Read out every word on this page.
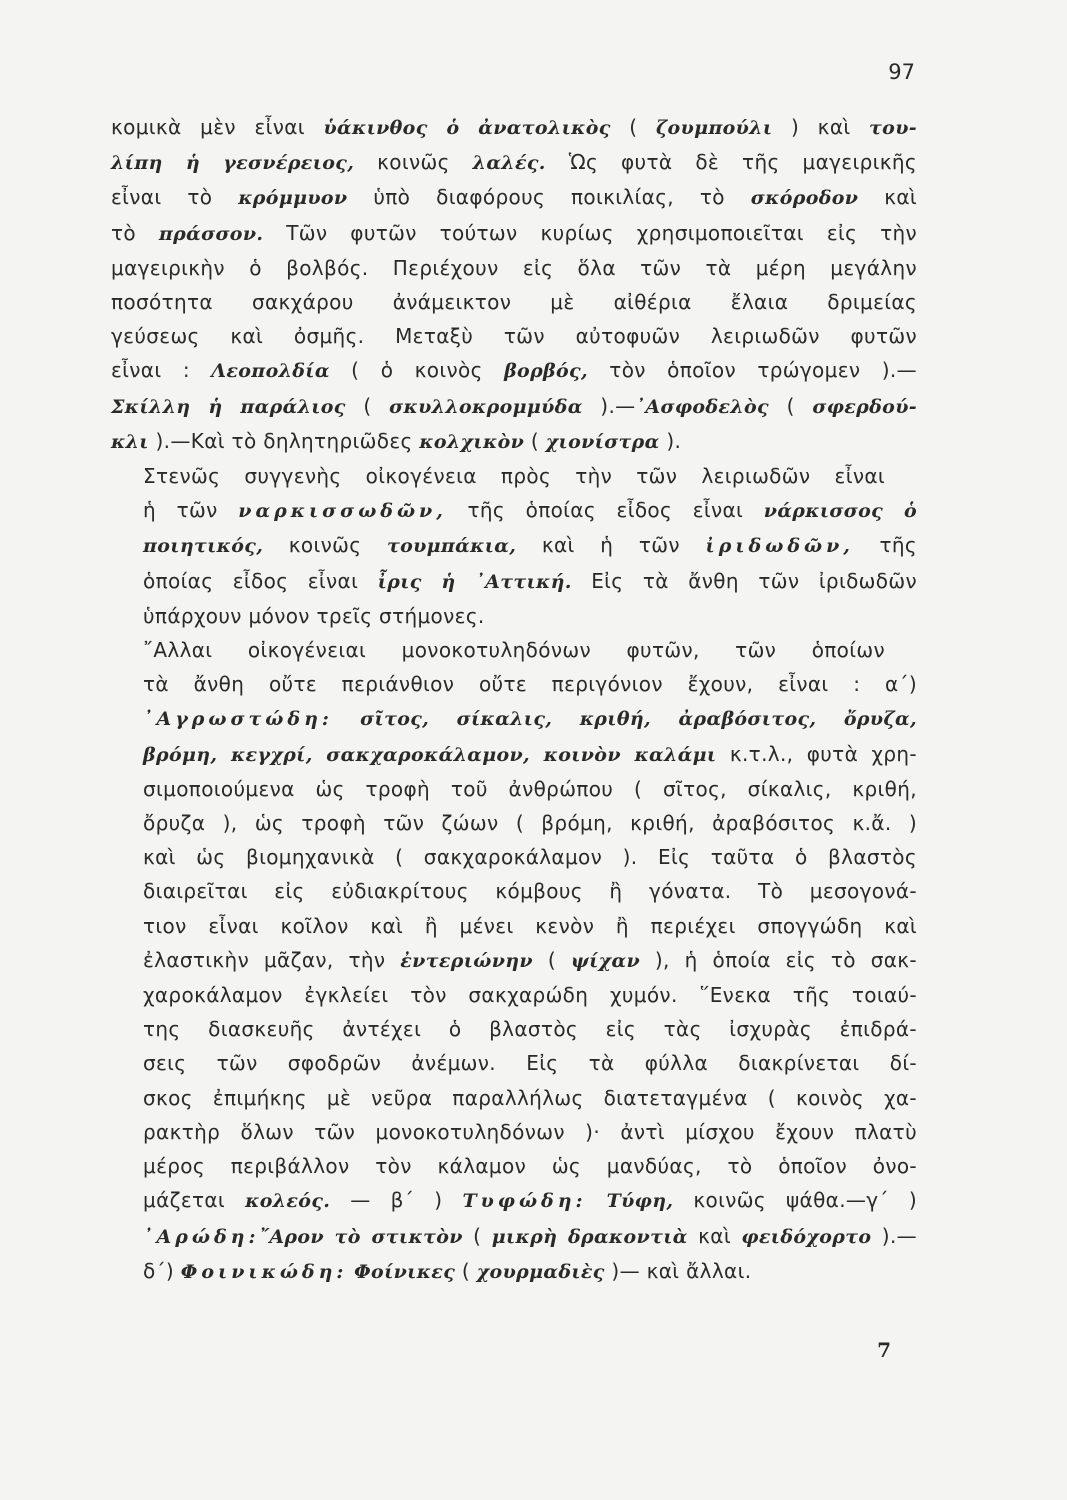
97
κομικὰ μὲν εἶναι ὑάκινθος ὁ ἀνατολικὸς ( ζουμπούλι ) καὶ του-
λίπη ἡ γεσνέρειος, κοινῶς λαλές. Ὡς φυτὰ δὲ τῆς μαγειρικῆς
εἶναι τὸ κρόμμυον ὑπὸ διαφόρους ποικιλίας, τὸ σκόροδον καὶ
τὸ πράσσον. Τῶν φυτῶν τούτων κυρίως χρησιμοποιεῖται εἰς τὴν
μαγειρικὴν ὁ βολβός. Περιέχουν εἰς ὅλα τῶν τὰ μέρη μεγάλην
ποσότητα σακχάρου ἀνάμεικτον μὲ αἰθέρια ἔλαια δριμείας
γεύσεως καὶ ὀσμῆς. Μεταξὺ τῶν αὐτοφυῶν λειριωδῶν φυτῶν
εἶναι : Λεοπολδία ( ὁ κοινὸς βορβός, τὸν ὁποῖον τρώγομεν ).—
Σκίλλη ἡ παράλιος ( σκυλλοκρομμύδα ).—᾿Ασφοδελὸς ( σφερδού-
κλι ).—Καὶ τὸ δηλητηριῶδες κολχικὸν ( χιονίστρα ).
Στενῶς συγγενὴς οἰκογένεια πρὸς τὴν τῶν λειριωδῶν εἶναι
ἡ τῶν ναρκισσωδῶν, τῆς ὁποίας εἶδος εἶναι νάρκισσος ὁ
ποιητικός, κοινῶς τουμπάκια, καὶ ἡ τῶν ἰριδωδῶν, τῆς
ὁποίας εἶδος εἶναι ἶρις ἡ ᾿Αττική. Εἰς τὰ ἄνθη τῶν ἰριδωδῶν
ὑπάρχουν μόνον τρεῖς στήμονες.
῎Αλλαι οἰκογένειαι μονοκοτυληδόνων φυτῶν, τῶν ὁποίων
τὰ ἄνθη οὔτε περιάνθιον οὔτε περιγόνιον ἔχουν, εἶναι : α΄)
᾿Αγρωστώδη: σῖτος, σίκαλις, κριθή, ἀραβόσιτος, ὄρυζα,
βρόμη, κεγχρί, σακχαροκάλαμον, κοινὸν καλάμι κ.τ.λ., φυτὰ χρη-
σιμοποιούμενα ὡς τροφὴ τοῦ ἀνθρώπου ( σῖτος, σίκαλις, κριθή,
ὄρυζα ), ὡς τροφὴ τῶν ζώων ( βρόμη, κριθή, ἀραβόσιτος κ.ἄ. )
καὶ ὡς βιομηχανικὰ ( σακχαροκάλαμον ). Εἰς ταῦτα ὁ βλαστὸς
διαιρεῖται εἰς εὐδιακρίτους κόμβους ἢ γόνατα. Τὸ μεσογονά-
τιον εἶναι κοῖλον καὶ ἢ μένει κενὸν ἢ περιέχει σπογγώδη καὶ
ἐλαστικὴν μᾶζαν, τὴν ἐντεριώνην ( ψίχαν ), ἡ ὁποία εἰς τὸ σακ-
χαροκάλαμον ἐγκλείει τὸν σακχαρώδη χυμόν. ῞Ενεκα τῆς τοιαύ-
της διασκευῆς ἀντέχει ὁ βλαστὸς εἰς τὰς ἰσχυρὰς ἐπιδρά-
σεις τῶν σφοδρῶν ἀνέμων. Εἰς τὰ φύλλα διακρίνεται δί-
σκος ἐπιμήκης μὲ νεῦρα παραλλήλως διατεταγμένα ( κοινὸς χα-
ρακτὴρ ὅλων τῶν μονοκοτυληδόνων )· ἀντὶ μίσχου ἔχουν πλατὺ
μέρος περιβάλλον τὸν κάλαμον ὡς μανδύας, τὸ ὁποῖον ὀνο-
μάζεται κολεός. — β΄ ) Τυφώδη: Τύφη, κοινῶς ψάθα.—γ΄ )
᾿Αρώδη:῎Αρον τὸ στικτὸν ( μικρὴ δρακοντιὰ καὶ φειδόχορτο ).—
δ΄) Φοινικώδη: Φοίνικες ( χουρμαδιὲς )— καὶ ἄλλαι.
7
